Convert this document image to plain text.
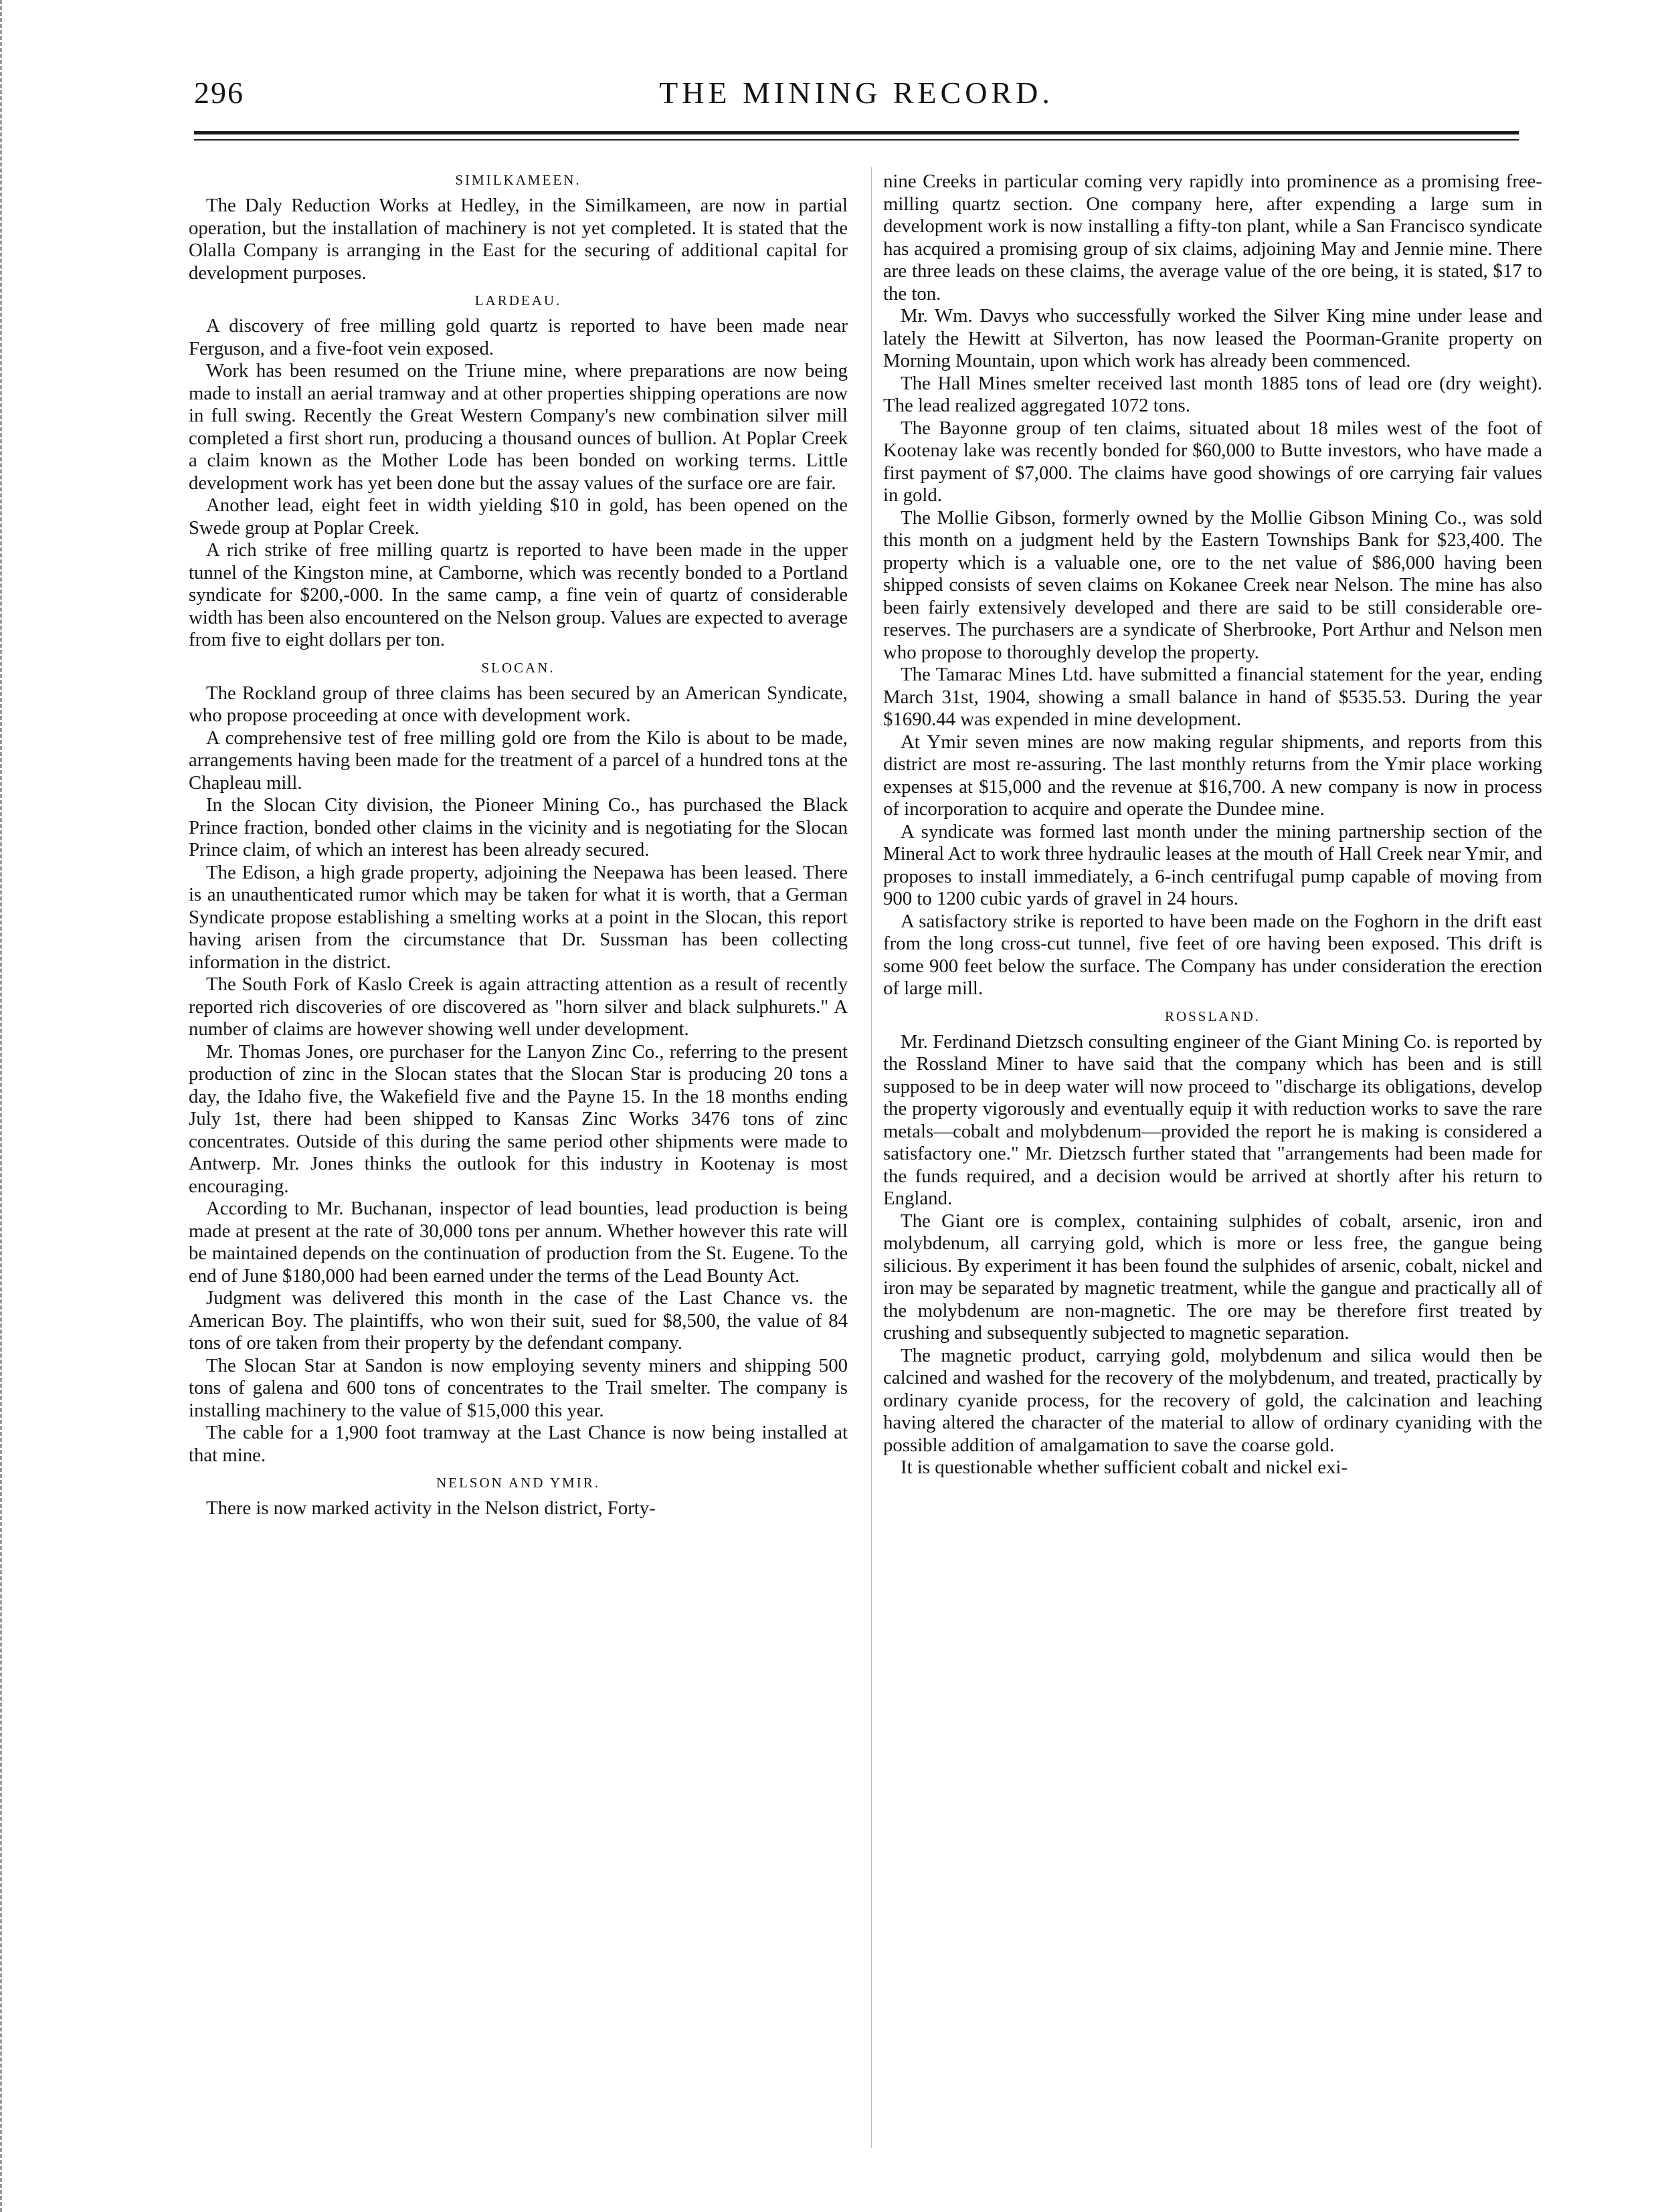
296	THE MINING RECORD.
SIMILKAMEEN.

The Daly Reduction Works at Hedley, in the Similkameen, are now in partial operation, but the installation of machinery is not yet completed. It is stated that the Olalla Company is arranging in the East for the securing of additional capital for development purposes.

LARDEAU.

A discovery of free milling gold quartz is reported to have been made near Ferguson, and a five-foot vein exposed.

Work has been resumed on the Triune mine, where preparations are now being made to install an aerial tramway and at other properties shipping operations are now in full swing. Recently the Great Western Company's new combination silver mill completed a first short run, producing a thousand ounces of bullion. At Poplar Creek a claim known as the Mother Lode has been bonded on working terms. Little development work has yet been done but the assay values of the surface ore are fair.

Another lead, eight feet in width yielding $10 in gold, has been opened on the Swede group at Poplar Creek.

A rich strike of free milling quartz is reported to have been made in the upper tunnel of the Kingston mine, at Camborne, which was recently bonded to a Portland syndicate for $200,-000. In the same camp, a fine vein of quartz of considerable width has been also encountered on the Nelson group. Values are expected to average from five to eight dollars per ton.

SLOCAN.

The Rockland group of three claims has been secured by an American Syndicate, who propose proceeding at once with development work.

A comprehensive test of free milling gold ore from the Kilo is about to be made, arrangements having been made for the treatment of a parcel of a hundred tons at the Chapleau mill.

In the Slocan City division, the Pioneer Mining Co., has purchased the Black Prince fraction, bonded other claims in the vicinity and is negotiating for the Slocan Prince claim, of which an interest has been already secured.

The Edison, a high grade property, adjoining the Neepawa has been leased. There is an unauthenticated rumor which may be taken for what it is worth, that a German Syndicate propose establishing a smelting works at a point in the Slocan, this report having arisen from the circumstance that Dr. Sussman has been collecting information in the district.

The South Fork of Kaslo Creek is again attracting attention as a result of recently reported rich discoveries of ore discovered as "horn silver and black sulphurets." A number of claims are however showing well under development.

Mr. Thomas Jones, ore purchaser for the Lanyon Zinc Co., referring to the present production of zinc in the Slocan states that the Slocan Star is producing 20 tons a day, the Idaho five, the Wakefield five and the Payne 15. In the 18 months ending July 1st, there had been shipped to Kansas Zinc Works 3476 tons of zinc concentrates. Outside of this during the same period other shipments were made to Antwerp. Mr. Jones thinks the outlook for this industry in Kootenay is most encouraging.

According to Mr. Buchanan, inspector of lead bounties, lead production is being made at present at the rate of 30,000 tons per annum. Whether however this rate will be maintained depends on the continuation of production from the St. Eugene. To the end of June $180,000 had been earned under the terms of the Lead Bounty Act.

Judgment was delivered this month in the case of the Last Chance vs. the American Boy. The plaintiffs, who won their suit, sued for $8,500, the value of 84 tons of ore taken from their property by the defendant company.

The Slocan Star at Sandon is now employing seventy miners and shipping 500 tons of galena and 600 tons of concentrates to the Trail smelter. The company is installing machinery to the value of $15,000 this year.

The cable for a 1,900 foot tramway at the Last Chance is now being installed at that mine.

NELSON AND YMIR.

There is now marked activity in the Nelson district, Forty-

nine Creeks in particular coming very rapidly into prominence as a promising free-milling quartz section. One company here, after expending a large sum in development work is now installing a fifty-ton plant, while a San Francisco syndicate has acquired a promising group of six claims, adjoining May and Jennie mine. There are three leads on these claims, the average value of the ore being, it is stated, $17 to the ton.

Mr. Wm. Davys who successfully worked the Silver King mine under lease and lately the Hewitt at Silverton, has now leased the Poorman-Granite property on Morning Mountain, upon which work has already been commenced.

The Hall Mines smelter received last month 1885 tons of lead ore (dry weight). The lead realized aggregated 1072 tons.

The Bayonne group of ten claims, situated about 18 miles west of the foot of Kootenay lake was recently bonded for $60,000 to Butte investors, who have made a first payment of $7,000. The claims have good showings of ore carrying fair values in gold.

The Mollie Gibson, formerly owned by the Mollie Gibson Mining Co., was sold this month on a judgment held by the Eastern Townships Bank for $23,400. The property which is a valuable one, ore to the net value of $86,000 having been shipped consists of seven claims on Kokanee Creek near Nelson. The mine has also been fairly extensively developed and there are said to be still considerable ore-reserves. The purchasers are a syndicate of Sherbrooke, Port Arthur and Nelson men who propose to thoroughly develop the property.

The Tamarac Mines Ltd. have submitted a financial statement for the year, ending March 31st, 1904, showing a small balance in hand of $535.53. During the year $1690.44 was expended in mine development.

At Ymir seven mines are now making regular shipments, and reports from this district are most re-assuring. The last monthly returns from the Ymir place working expenses at $15,000 and the revenue at $16,700. A new company is now in process of incorporation to acquire and operate the Dundee mine.

A syndicate was formed last month under the mining partnership section of the Mineral Act to work three hydraulic leases at the mouth of Hall Creek near Ymir, and proposes to install immediately, a 6-inch centrifugal pump capable of moving from 900 to 1200 cubic yards of gravel in 24 hours.

A satisfactory strike is reported to have been made on the Foghorn in the drift east from the long cross-cut tunnel, five feet of ore having been exposed. This drift is some 900 feet below the surface. The Company has under consideration the erection of large mill.

ROSSLAND.

Mr. Ferdinand Dietzsch consulting engineer of the Giant Mining Co. is reported by the Rossland Miner to have said that the company which has been and is still supposed to be in deep water will now proceed to "discharge its obligations, develop the property vigorously and eventually equip it with reduction works to save the rare metals—cobalt and molybdenum—provided the report he is making is considered a satisfactory one." Mr. Dietzsch further stated that "arrangements had been made for the funds required, and a decision would be arrived at shortly after his return to England.

The Giant ore is complex, containing sulphides of cobalt, arsenic, iron and molybdenum, all carrying gold, which is more or less free, the gangue being silicious. By experiment it has been found the sulphides of arsenic, cobalt, nickel and iron may be separated by magnetic treatment, while the gangue and practically all of the molybdenum are non-magnetic. The ore may be therefore first treated by crushing and subsequently subjected to magnetic separation.

The magnetic product, carrying gold, molybdenum and silica would then be calcined and washed for the recovery of the molybdenum, and treated, practically by ordinary cyanide process, for the recovery of gold, the calcination and leaching having altered the character of the material to allow of ordinary cyaniding with the possible addition of amalgamation to save the coarse gold.

It is questionable whether sufficient cobalt and nickel exi-
